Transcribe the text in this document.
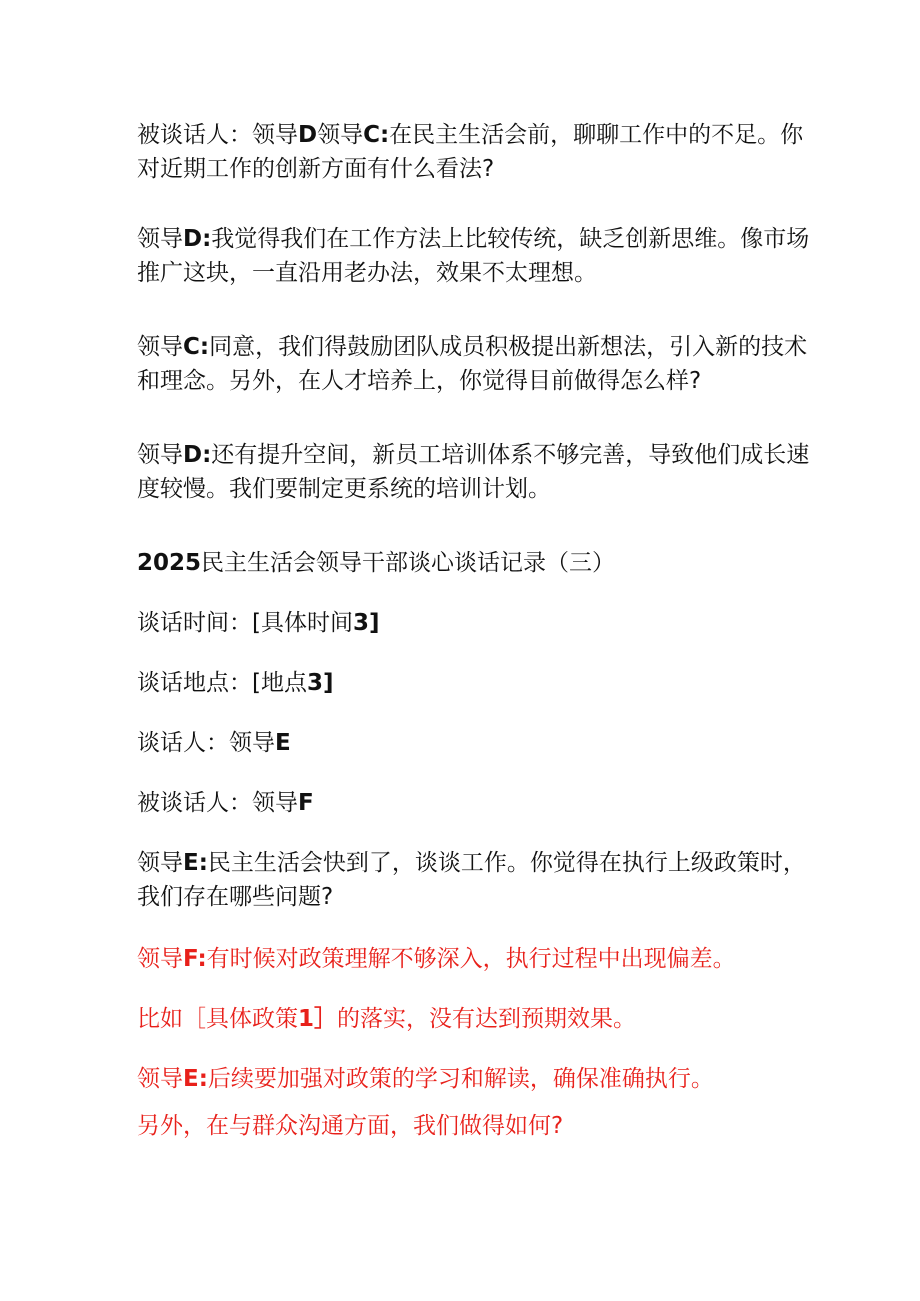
被谈话人：领导D领导C:在民主生活会前，聊聊工作中的不足。你对近期工作的创新方面有什么看法?

领导D:我觉得我们在工作方法上比较传统，缺乏创新思维。像市场推广这块，一直沿用老办法，效果不太理想。

领导C:同意，我们得鼓励团队成员积极提出新想法，引入新的技术和理念。另外，在人才培养上，你觉得目前做得怎么样?

领导D:还有提升空间，新员工培训体系不够完善，导致他们成长速度较慢。我们要制定更系统的培训计划。

2025民主生活会领导干部谈心谈话记录（三）

谈话时间：[具体时间3]

谈话地点：[地点3]

谈话人：领导E

被谈话人：领导F

领导E:民主生活会快到了，谈谈工作。你觉得在执行上级政策时，我们存在哪些问题?

领导F:有时候对政策理解不够深入，执行过程中出现偏差。

比如［具体政策1］的落实，没有达到预期效果。

领导E:后续要加强对政策的学习和解读，确保准确执行。

另外，在与群众沟通方面，我们做得如何?
